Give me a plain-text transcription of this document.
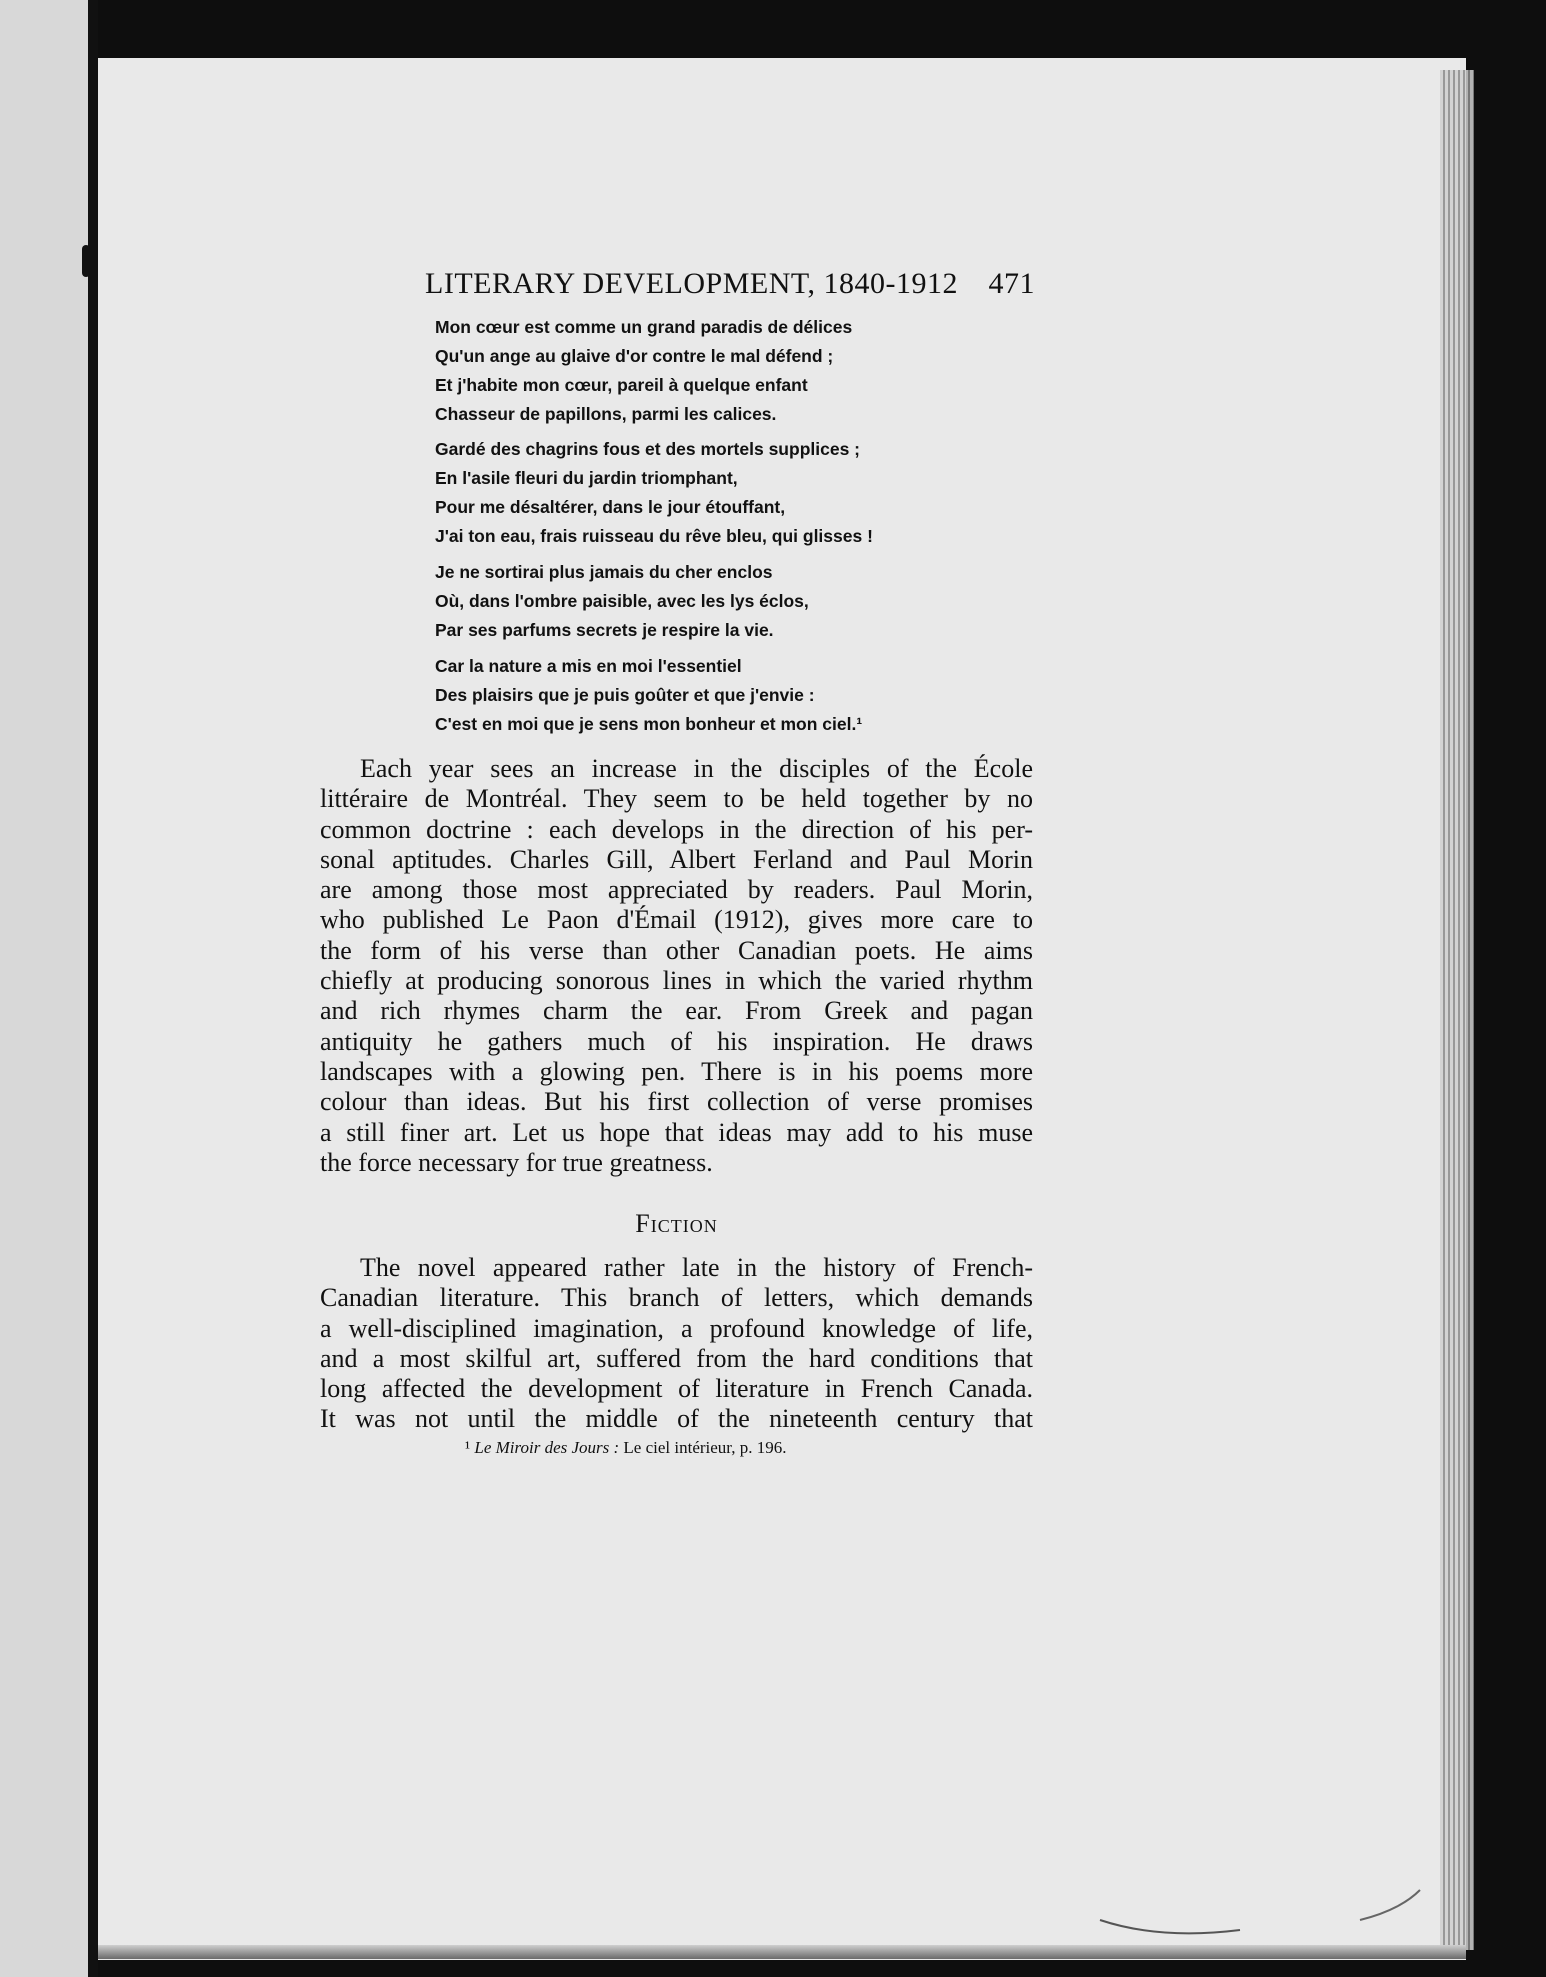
LITERARY DEVELOPMENT, 1840-1912 471
Mon cœur est comme un grand paradis de délices
Qu'un ange au glaive d'or contre le mal défend ;
Et j'habite mon cœur, pareil à quelque enfant
Chasseur de papillons, parmi les calices.
Gardé des chagrins fous et des mortels supplices ;
En l'asile fleuri du jardin triomphant,
Pour me désaltérer, dans le jour étouffant,
J'ai ton eau, frais ruisseau du rêve bleu, qui glisses !
Je ne sortirai plus jamais du cher enclos
Où, dans l'ombre paisible, avec les lys éclos,
Par ses parfums secrets je respire la vie.
Car la nature a mis en moi l'essentiel
Des plaisirs que je puis goûter et que j'envie :
C'est en moi que je sens mon bonheur et mon ciel.¹
Each year sees an increase in the disciples of the École
littéraire de Montréal. They seem to be held together by no
common doctrine : each develops in the direction of his per-
sonal aptitudes. Charles Gill, Albert Ferland and Paul Morin
are among those most appreciated by readers. Paul Morin,
who published Le Paon d'Émail (1912), gives more care to
the form of his verse than other Canadian poets. He aims
chiefly at producing sonorous lines in which the varied rhythm
and rich rhymes charm the ear. From Greek and pagan
antiquity he gathers much of his inspiration. He draws
landscapes with a glowing pen. There is in his poems more
colour than ideas. But his first collection of verse promises
a still finer art. Let us hope that ideas may add to his muse
the force necessary for true greatness.
Fiction
The novel appeared rather late in the history of French-
Canadian literature. This branch of letters, which demands
a well-disciplined imagination, a profound knowledge of life,
and a most skilful art, suffered from the hard conditions that
long affected the development of literature in French Canada.
It was not until the middle of the nineteenth century that
¹ Le Miroir des Jours : Le ciel intérieur, p. 196.
